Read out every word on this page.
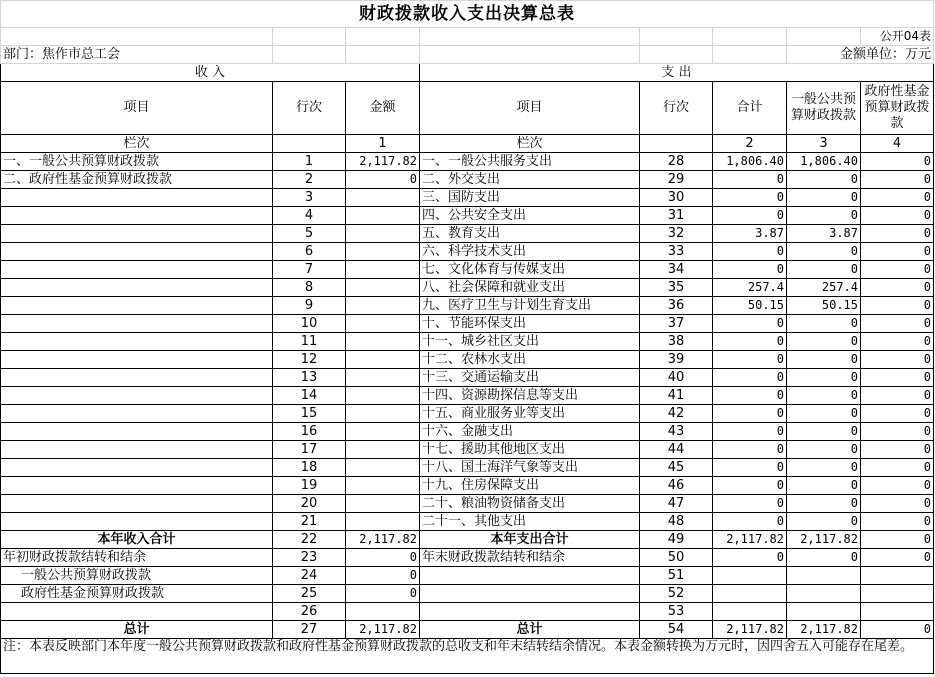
财政拨款收入支出决算总表							
							公开04表
部门：焦作市总工会						金额单位：万元	
收 入			支 出				
项目	行次	金额	项目	行次	合计	一般公共预算财政拨款	政府性基金预算财政拨款
栏次		1	栏次		2	3	4
一、一般公共预算财政拨款	1	2,117.82	一、一般公共服务支出	28	1,806.40	1,806.40	0
二、政府性基金预算财政拨款	2	0	二、外交支出	29	0	0	0
	3		三、国防支出	30	0	0	0
	4		四、公共安全支出	31	0	0	0
	5		五、教育支出	32	3.87	3.87	0
	6		六、科学技术支出	33	0	0	0
	7		七、文化体育与传媒支出	34	0	0	0
	8		八、社会保障和就业支出	35	257.4	257.4	0
	9		九、医疗卫生与计划生育支出	36	50.15	50.15	0
	10		十、节能环保支出	37	0	0	0
	11		十一、城乡社区支出	38	0	0	0
	12		十二、农林水支出	39	0	0	0
	13		十三、交通运输支出	40	0	0	0
	14		十四、资源勘探信息等支出	41	0	0	0
	15		十五、商业服务业等支出	42	0	0	0
	16		十六、金融支出	43	0	0	0
	17		十七、援助其他地区支出	44	0	0	0
	18		十八、国土海洋气象等支出	45	0	0	0
	19		十九、住房保障支出	46	0	0	0
	20		二十、粮油物资储备支出	47	0	0	0
	21		二十一、其他支出	48	0	0	0
本年收入合计	22	2,117.82	本年支出合计	49	2,117.82	2,117.82	0
年初财政拨款结转和结余	23	0	年末财政拨款结转和结余	50	0	0	0
一般公共预算财政拨款	24	0		51			
政府性基金预算财政拨款	25	0		52			
	26			53			
总计	27	2,117.82	总计	54	2,117.82	2,117.82	0
注：本表反映部门本年度一般公共预算财政拨款和政府性基金预算财政拨款的总收支和年末结转结余情况。本表金额转换为万元时，因四舍五入可能存在尾差。							
